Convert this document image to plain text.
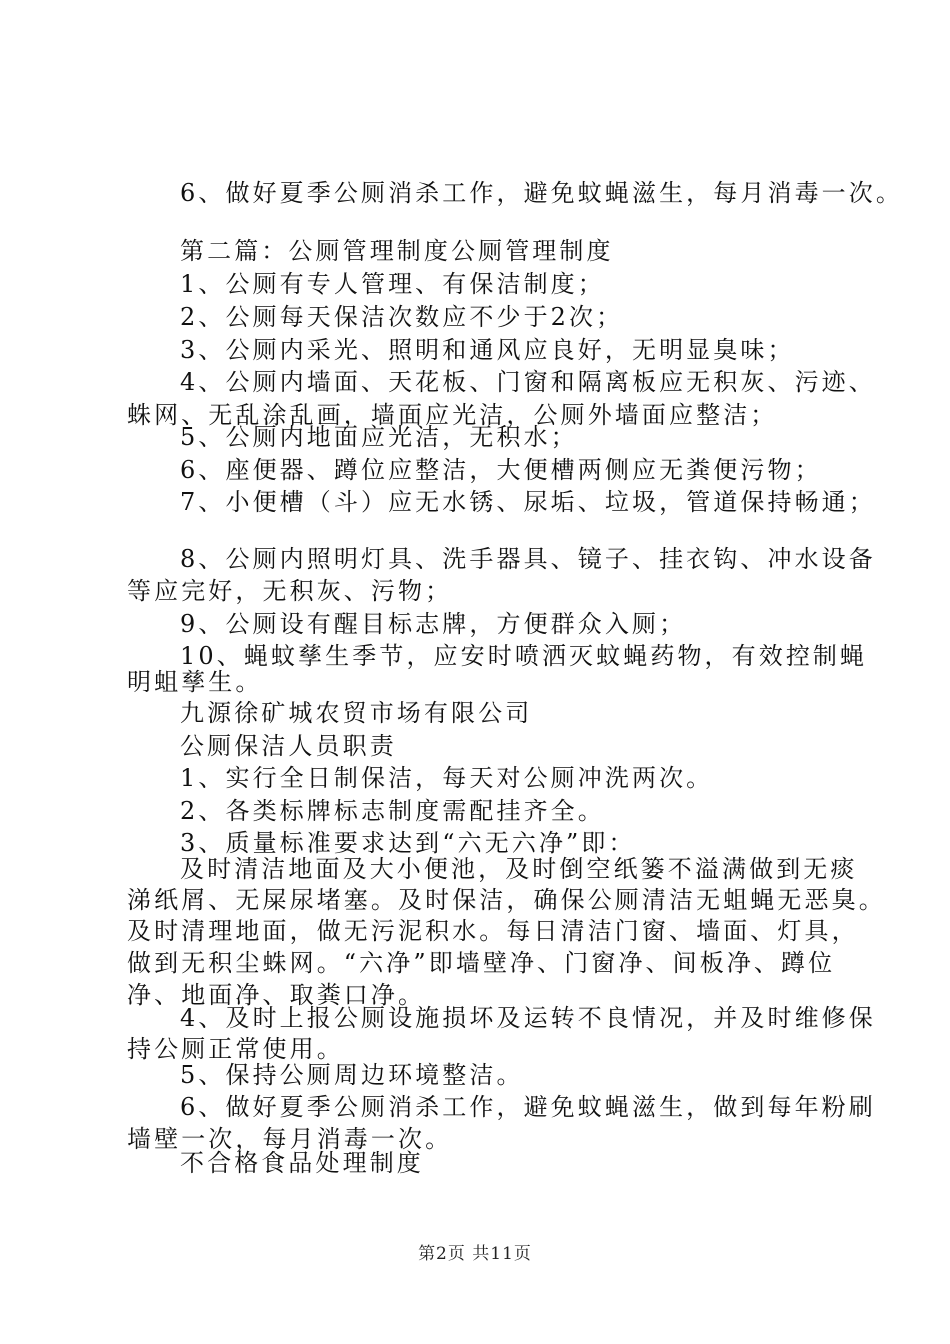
6、做好夏季公厕消杀工作，避免蚊蝇滋生，每月消毒一次。
第二篇：公厕管理制度公厕管理制度
1、公厕有专人管理、有保洁制度；
2、公厕每天保洁次数应不少于2次；
3、公厕内采光、照明和通风应良好，无明显臭味；
4、公厕内墙面、天花板、门窗和隔离板应无积灰、污迹、
蛛网、无乱涂乱画，墙面应光洁，公厕外墙面应整洁；
5、公厕内地面应光洁，无积水；
6、座便器、蹲位应整洁，大便槽两侧应无粪便污物；
7、小便槽（斗）应无水锈、尿垢、垃圾，管道保持畅通；
8、公厕内照明灯具、洗手器具、镜子、挂衣钩、冲水设备
等应完好，无积灰、污物；
9、公厕设有醒目标志牌，方便群众入厕；
10、蝇蚊孳生季节，应安时喷洒灭蚊蝇药物，有效控制蝇
明蛆孳生。
九源徐矿城农贸市场有限公司
公厕保洁人员职责
1、实行全日制保洁，每天对公厕冲洗两次。
2、各类标牌标志制度需配挂齐全。
3、质量标准要求达到“六无六净”即：
及时清洁地面及大小便池，及时倒空纸篓不溢满做到无痰
涕纸屑、无屎尿堵塞。及时保洁，确保公厕清洁无蛆蝇无恶臭。
及时清理地面，做无污泥积水。每日清洁门窗、墙面、灯具，
做到无积尘蛛网。“六净”即墙壁净、门窗净、间板净、蹲位
净、地面净、取粪口净。
4、及时上报公厕设施损坏及运转不良情况，并及时维修保
持公厕正常使用。
5、保持公厕周边环境整洁。
6、做好夏季公厕消杀工作，避免蚊蝇滋生，做到每年粉刷
墙壁一次，每月消毒一次。
不合格食品处理制度
第2页 共11页
